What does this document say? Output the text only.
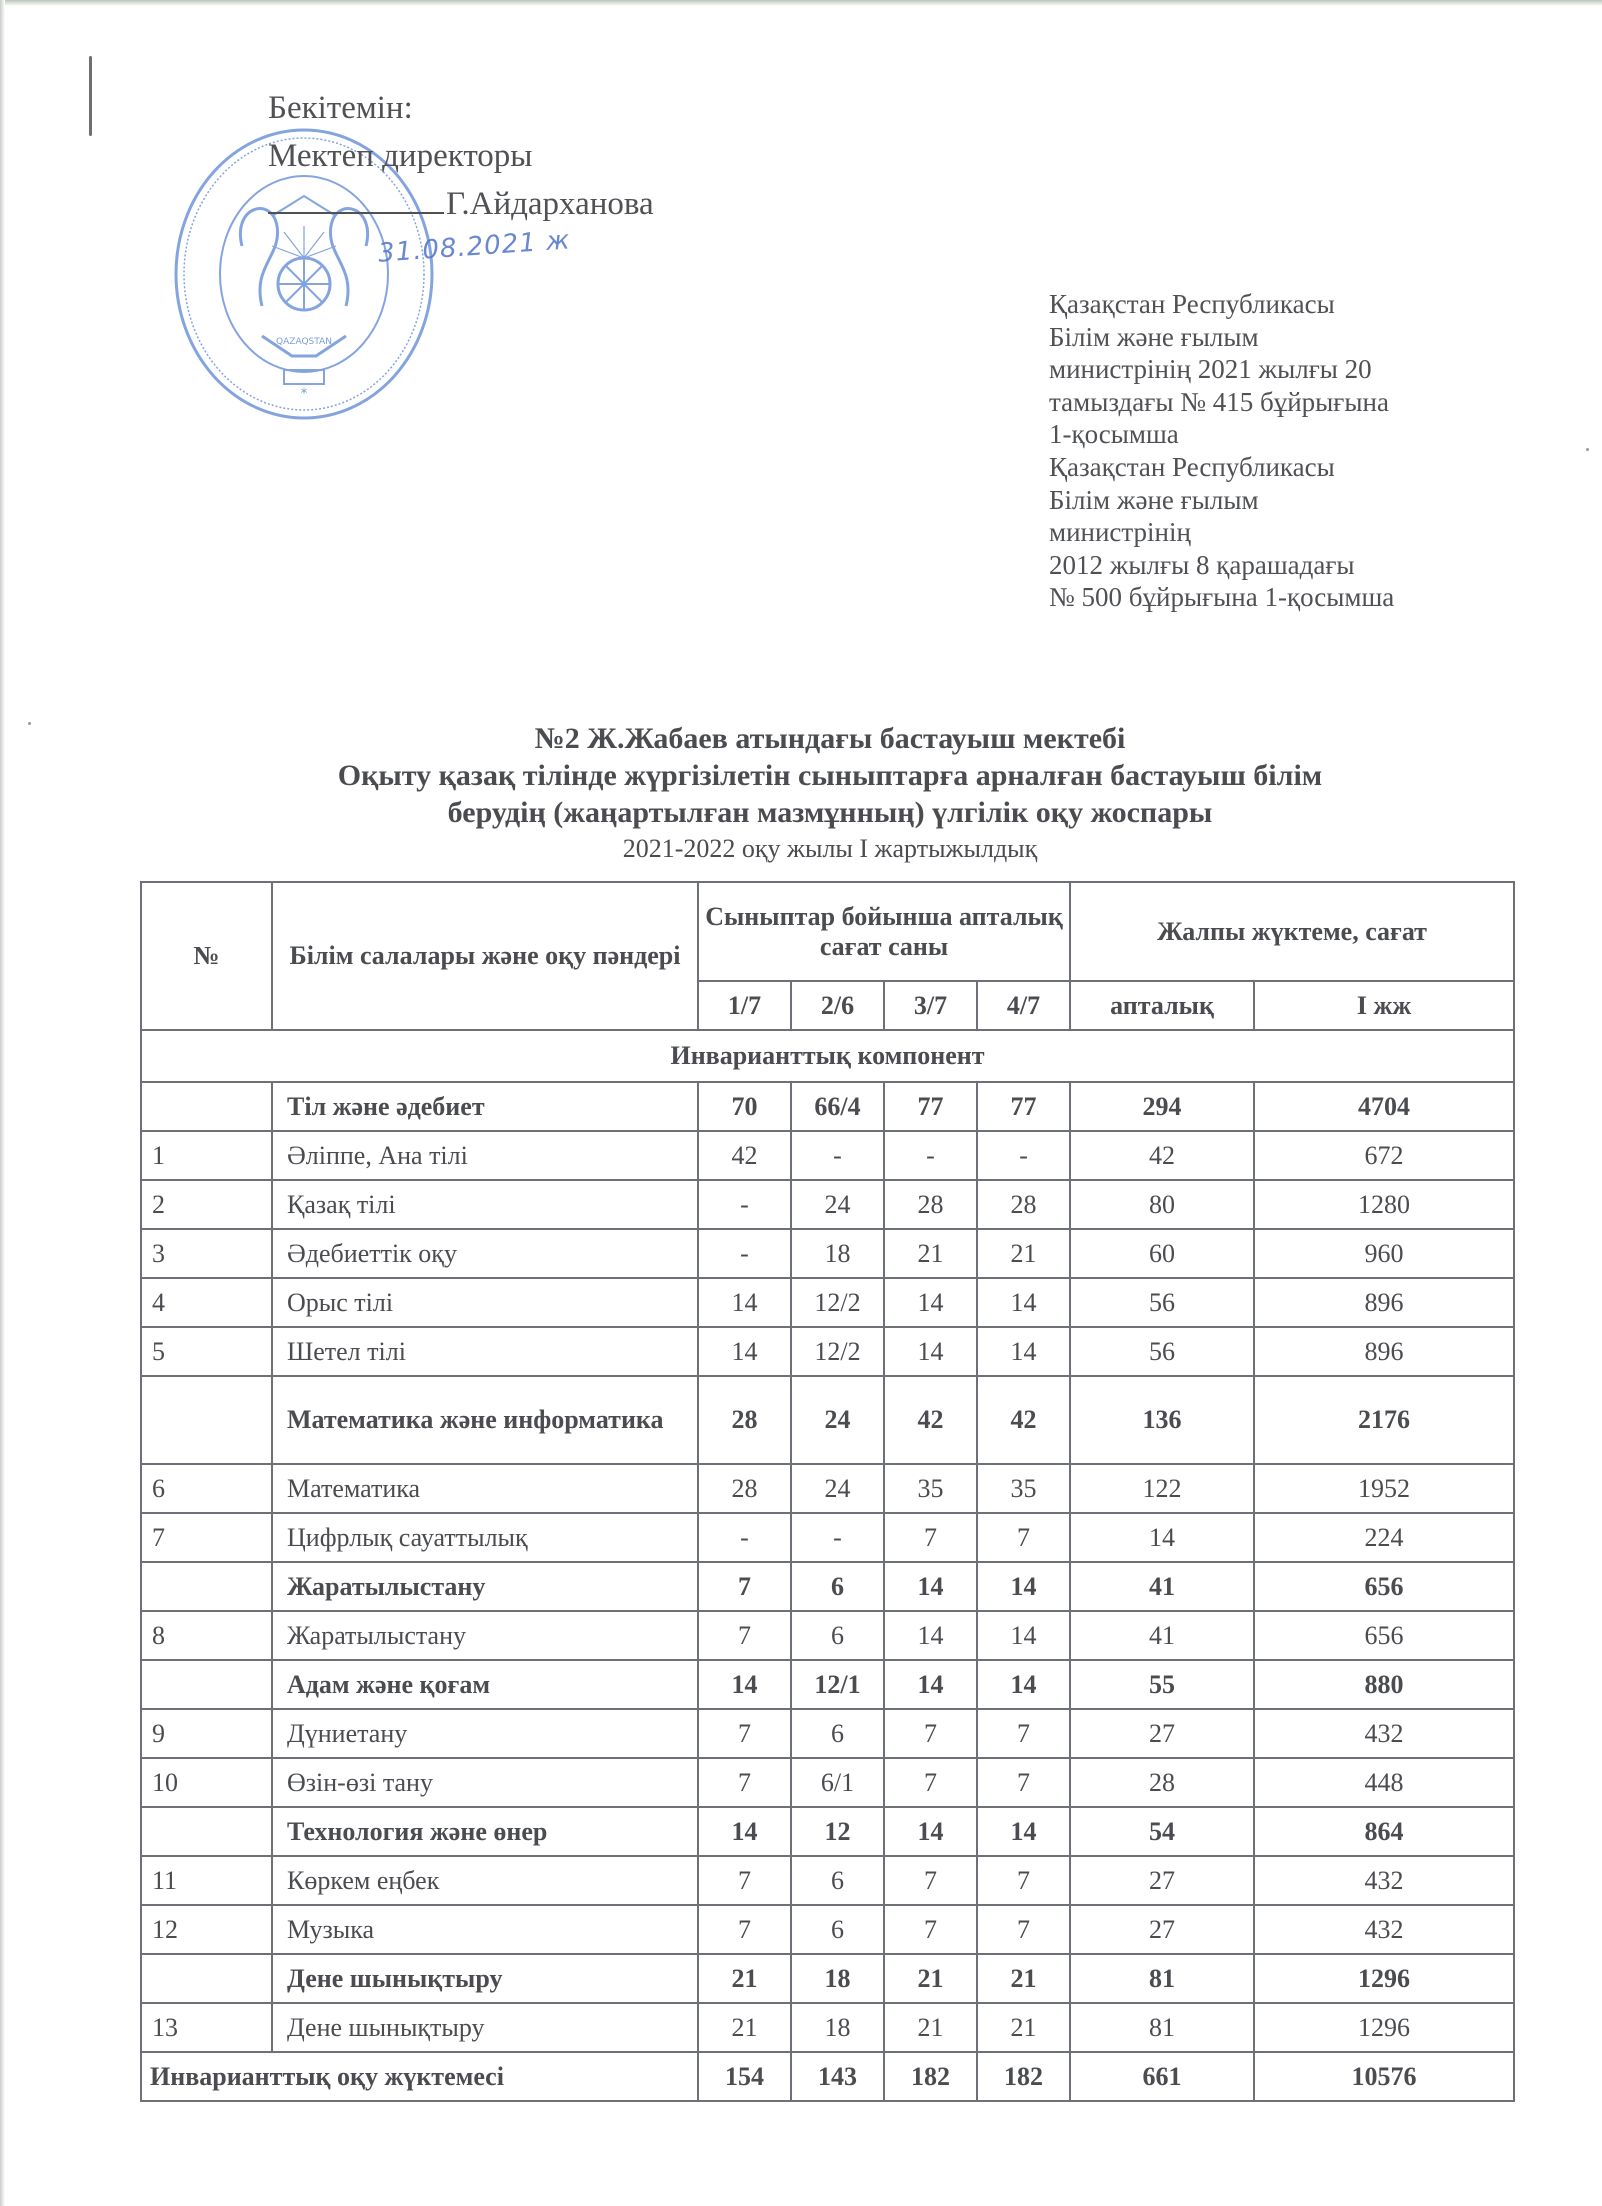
QAZAQSTAN
*
Бекітемін:
Мектеп директоры
Г.Айдарханова
31.08.2021 ж
Қазақстан Республикасы
Білім және ғылым
министрінің 2021 жылғы 20
тамыздағы № 415 бұйрығына
1-қосымша
Қазақстан Республикасы
Білім және ғылым
министрінің
2012 жылғы 8 қарашадағы
№ 500 бұйрығына 1-қосымша
№2 Ж.Жабаев атындағы бастауыш мектебі
Оқыту қазақ тілінде жүргізілетін сыныптарға арналған бастауыш білім
берудің (жаңартылған мазмұнның) үлгілік оқу жоспары
2021-2022 оқу жылы І жартыжылдық
№	Білім салалары және оқу пәндері	Сыныптар бойынша апталық сағат саны				Жалпы жүктеме, сағат	
		1/7	2/6	3/7	4/7	апталық	І жж
Инварианттық компонент							
	Тіл және әдебиет	70	66/4	77	77	294	4704
1	Әліппе, Ана тілі	42	-	-	-	42	672
2	Қазақ тілі	-	24	28	28	80	1280
3	Әдебиеттік оқу	-	18	21	21	60	960
4	Орыс тілі	14	12/2	14	14	56	896
5	Шетел тілі	14	12/2	14	14	56	896
	Математика және информатика	28	24	42	42	136	2176
6	Математика	28	24	35	35	122	1952
7	Цифрлық сауаттылық	-	-	7	7	14	224
	Жаратылыстану	7	6	14	14	41	656
8	Жаратылыстану	7	6	14	14	41	656
	Адам және қоғам	14	12/1	14	14	55	880
9	Дүниетану	7	6	7	7	27	432
10	Өзін-өзі тану	7	6/1	7	7	28	448
	Технология және өнер	14	12	14	14	54	864
11	Көркем еңбек	7	6	7	7	27	432
12	Музыка	7	6	7	7	27	432
	Дене шынықтыру	21	18	21	21	81	1296
13	Дене шынықтыру	21	18	21	21	81	1296
Инварианттық оқу жүктемесі		154	143	182	182	661	10576
